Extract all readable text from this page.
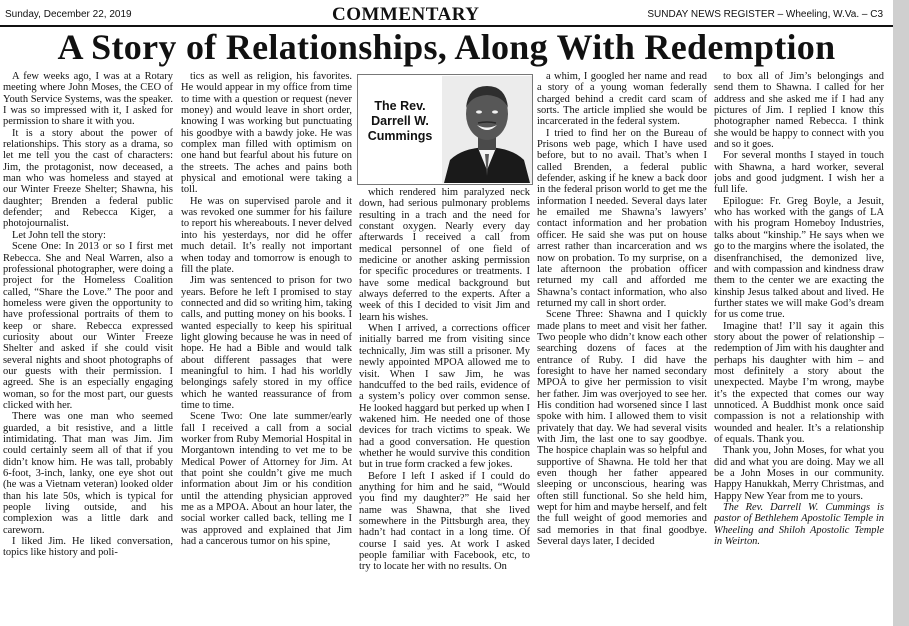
Sunday, December 22, 2019	COMMENTARY	SUNDAY NEWS REGISTER – Wheeling, W.Va. – C3
A Story of Relationships, Along With Redemption

A few weeks ago, I was at a Rotary meeting where John Moses, the CEO of Youth Service Systems, was the speaker. I was so impressed with it, I asked for permission to share it with you.

It is a story about the power of relationships. This story as a drama, so let me tell you the cast of characters: Jim, the protagonist, now deceased, a man who was homeless and stayed at our Winter Freeze Shelter; Shawna, his daughter; Brenden a federal public defender; and Rebecca Kiger, a photojournalist.

Let John tell the story:

Scene One: In 2013 or so I first met Rebecca. She and Neal Warren, also a professional photographer, were doing a project for the Homeless Coalition called, “Share the Love.” The poor and homeless were given the opportunity to have professional portraits of them to keep or share. Rebecca expressed curiosity about our Winter Freeze Shelter and asked if she could visit several nights and shoot photographs of our guests with their permission. I agreed. She is an especially engaging woman, so for the most part, our guests clicked with her.

There was one man who seemed guarded, a bit resistive, and a little intimidating. That man was Jim. Jim could certainly seem all of that if you didn’t know him. He was tall, probably 6-foot, 3-inch, lanky, one eye shot out (he was a Vietnam veteran) looked older than his late 50s, which is typical for people living outside, and his complexion was a little dark and careworn.

I liked Jim. He liked conversation, topics like history and poli-

tics as well as religion, his favorites. He would appear in my office from time to time with a question or request (never money) and would leave in short order, knowing I was working but punctuating his goodbye with a bawdy joke. He was complex man filled with optimism on one hand but fearful about his future on the streets. The aches and pains both physical and emotional were taking a toll.

He was on supervised parole and it was revoked one summer for his failure to report his whereabouts. I never delved into his yesterdays, nor did he offer much detail. It’s really not important when today and tomorrow is enough to fill the plate.

Jim was sentenced to prison for two years. Before he left I promised to stay connected and did so writing him, taking calls, and putting money on his books. I wanted especially to keep his spiritual light glowing because he was in need of hope. He had a Bible and would talk about different passages that were meaningful to him. I had his worldly belongings safely stored in my office which he wanted reassurance of from time to time.

Scene Two: One late summer/early fall I received a call from a social worker from Ruby Memorial Hospital in Morgantown intending to vet me to be Medical Power of Attorney for Jim. At that point she couldn’t give me much information about Jim or his condition until the attending physician approved me as a MPOA. About an hour later, the social worker called back, telling me I was approved and explained that Jim had a cancerous tumor on his spine,

The Rev. Darrell W. Cummings

which rendered him paralyzed neck down, had serious pulmonary problems resulting in a trach and the need for constant oxygen. Nearly every day afterwards I received a call from medical personnel of one field of medicine or another asking permission for specific procedures or treatments. I have some medical background but always deferred to the experts. After a week of this I decided to visit Jim and learn his wishes.

When I arrived, a corrections officer initially barred me from visiting since technically, Jim was still a prisoner. My newly appointed MPOA allowed me to visit. When I saw Jim, he was handcuffed to the bed rails, evidence of a system’s policy over common sense. He looked haggard but perked up when I wakened him. He needed one of those devices for trach victims to speak. We had a good conversation. He question whether he would survive this condition but in true form cracked a few jokes.

Before I left I asked if I could do anything for him and he said, “Would you find my daughter?” He said her name was Shawna, that she lived somewhere in the Pittsburgh area, they hadn’t had contact in a long time. Of course I said yes. At work I asked people familiar with Facebook, etc, to try to locate her with no results. On

a whim, I googled her name and read a story of a young woman federally charged behind a credit card scam of sorts. The article implied she would be incarcerated in the federal system.

I tried to find her on the Bureau of Prisons web page, which I have used before, but to no avail. That’s when I called Brenden, a federal public defender, asking if he knew a back door in the federal prison world to get me the information I needed. Several days later he emailed me Shawna’s lawyers’ contact information and her probation officer. He said she was put on house arrest rather than incarceration and ws now on probation. To my surprise, on a late afternoon the probation officer returned my call and afforded me Shawna’s contact information, who also returned my call in short order.

Scene Three: Shawna and I quickly made plans to meet and visit her father. Two people who didn’t know each other searching dozens of faces at the entrance of Ruby. I did have the foresight to have her named secondary MPOA to give her permission to visit her father. Jim was overjoyed to see her. His condition had worsened since I last spoke with him. I allowed them to visit privately that day. We had several visits with Jim, the last one to say goodbye. The hospice chaplain was so helpful and supportive of Shawna. He told her that even though her father appeared sleeping or unconscious, hearing was often still functional. So she held him, wept for him and maybe herself, and felt the full weight of good memories and sad memories in that final goodbye. Several days later, I decided

to box all of Jim’s belongings and send them to Shawna. I called for her address and she asked me if I had any pictures of Jim. I replied I know this photographer named Rebecca. I think she would be happy to connect with you and so it goes.

For several months I stayed in touch with Shawna, a hard worker, several jobs and good judgment. I wish her a full life.

Epilogue: Fr. Greg Boyle, a Jesuit, who has worked with the gangs of LA with his program Homeboy Industries, talks about “kinship.” He says when we go to the margins where the isolated, the disenfranchised, the demonized live, and with compassion and kindness draw them to the center we are exacting the kinship Jesus talked about and lived. He further states we will make God’s dream for us come true.

Imagine that! I’ll say it again this story about the power of relationship – redemption of Jim with his daughter and perhaps his daughter with him – and most definitely a story about the unexpected. Maybe I’m wrong, maybe it’s the expected that comes our way unnoticed. A Buddhist monk once said compassion is not a relationship with wounded and healer. It’s a relationship of equals. Thank you.

Thank you, John Moses, for what you did and what you are doing. May we all be a John Moses in our community. Happy Hanukkah, Merry Christmas, and Happy New Year from me to yours.

The Rev. Darrell W. Cummings is pastor of Bethlehem Apostolic Temple in Wheeling and Shiloh Apostolic Temple in Weirton.
